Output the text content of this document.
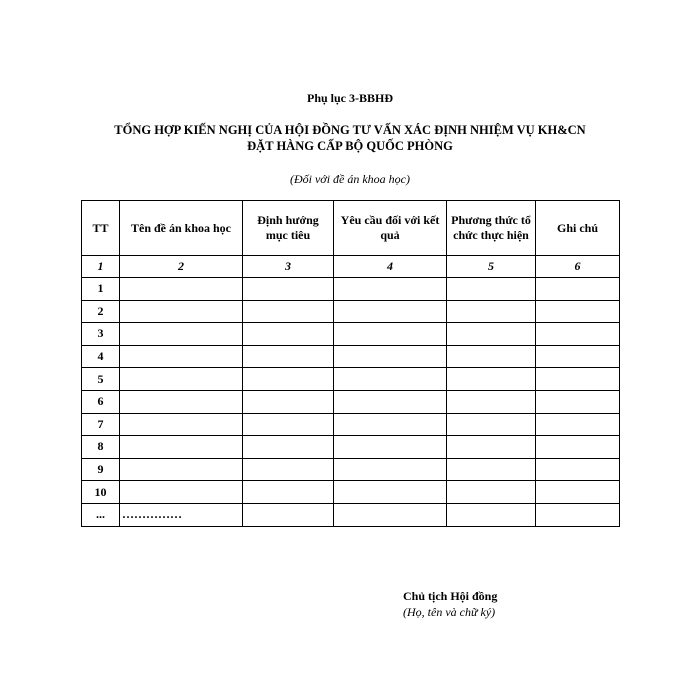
Phụ lục 3-BBHĐ
TỔNG HỢP KIẾN NGHỊ CỦA HỘI ĐỒNG TƯ VẤN XÁC ĐỊNH NHIỆM VỤ KH&CN
ĐẶT HÀNG CẤP BỘ QUỐC PHÒNG
(Đối với đề án khoa học)
TT	Tên đề án khoa học	Định hướng mục tiêu	Yêu cầu đối với kết quả	Phương thức tổ chức thực hiện	Ghi chú
1	2	3	4	5	6
1					
2					
3					
4					
5					
6					
7					
8					
9					
10					
...	……………				
Chủ tịch Hội đồng
(Họ, tên và chữ ký)
